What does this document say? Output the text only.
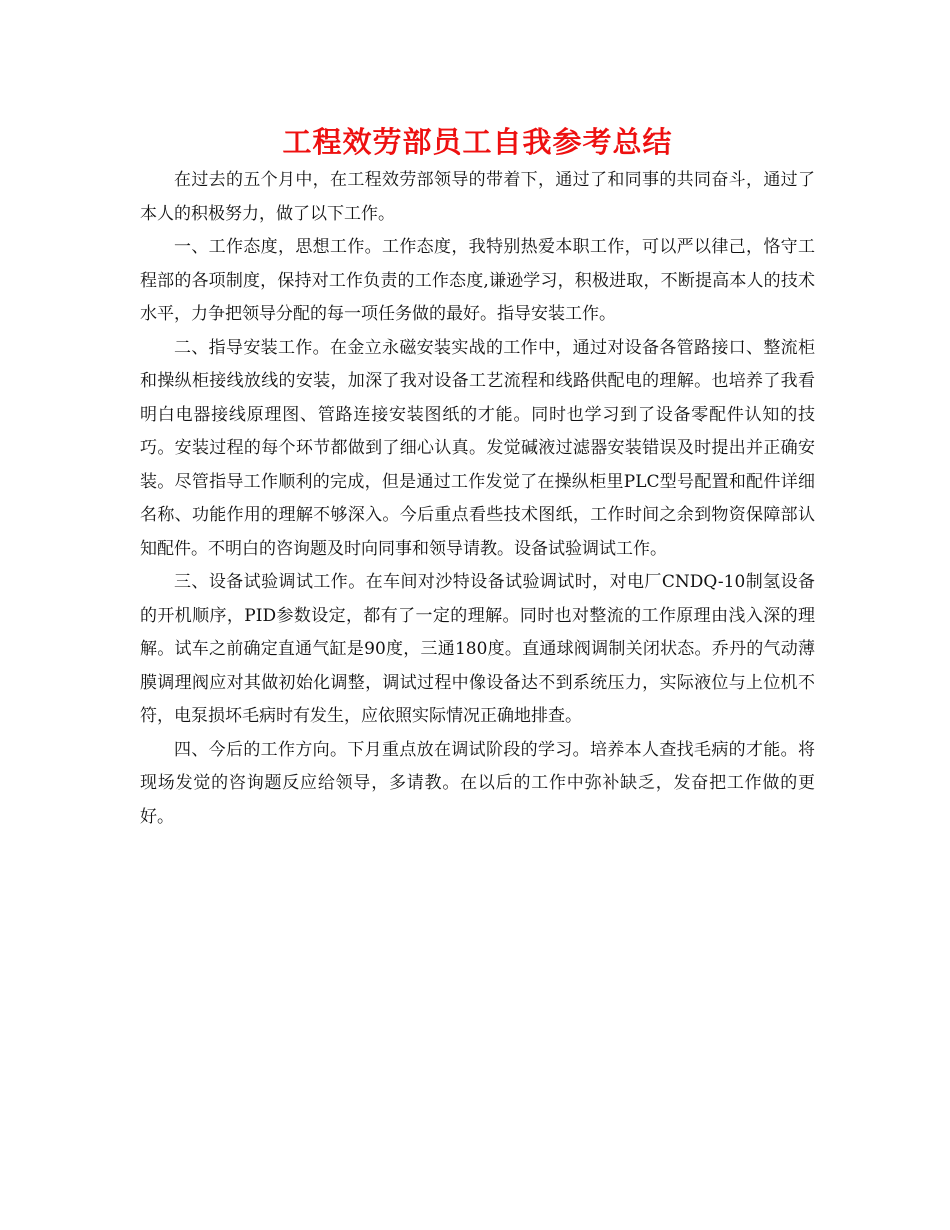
工程效劳部员工自我参考总结

在过去的五个月中，在工程效劳部领导的带着下，通过了和同事的共同奋斗，通过了本人的积极努力，做了以下工作。

一、工作态度，思想工作。工作态度，我特别热爱本职工作，可以严以律己，恪守工程部的各项制度，保持对工作负责的工作态度,谦逊学习，积极进取，不断提高本人的技术水平，力争把领导分配的每一项任务做的最好。指导安装工作。

二、指导安装工作。在金立永磁安装实战的工作中，通过对设备各管路接口、整流柜和操纵柜接线放线的安装，加深了我对设备工艺流程和线路供配电的理解。也培养了我看明白电器接线原理图、管路连接安装图纸的才能。同时也学习到了设备零配件认知的技巧。安装过程的每个环节都做到了细心认真。发觉碱液过滤器安装错误及时提出并正确安装。尽管指导工作顺利的完成，但是通过工作发觉了在操纵柜里PLC型号配置和配件详细名称、功能作用的理解不够深入。今后重点看些技术图纸，工作时间之余到物资保障部认知配件。不明白的咨询题及时向同事和领导请教。设备试验调试工作。

三、设备试验调试工作。在车间对沙特设备试验调试时，对电厂CNDQ-10制氢设备的开机顺序，PID参数设定，都有了一定的理解。同时也对整流的工作原理由浅入深的理解。试车之前确定直通气缸是90度，三通180度。直通球阀调制关闭状态。乔丹的气动薄膜调理阀应对其做初始化调整，调试过程中像设备达不到系统压力，实际液位与上位机不符，电泵损坏毛病时有发生，应依照实际情况正确地排查。

四、今后的工作方向。下月重点放在调试阶段的学习。培养本人查找毛病的才能。将现场发觉的咨询题反应给领导，多请教。在以后的工作中弥补缺乏，发奋把工作做的更好。
